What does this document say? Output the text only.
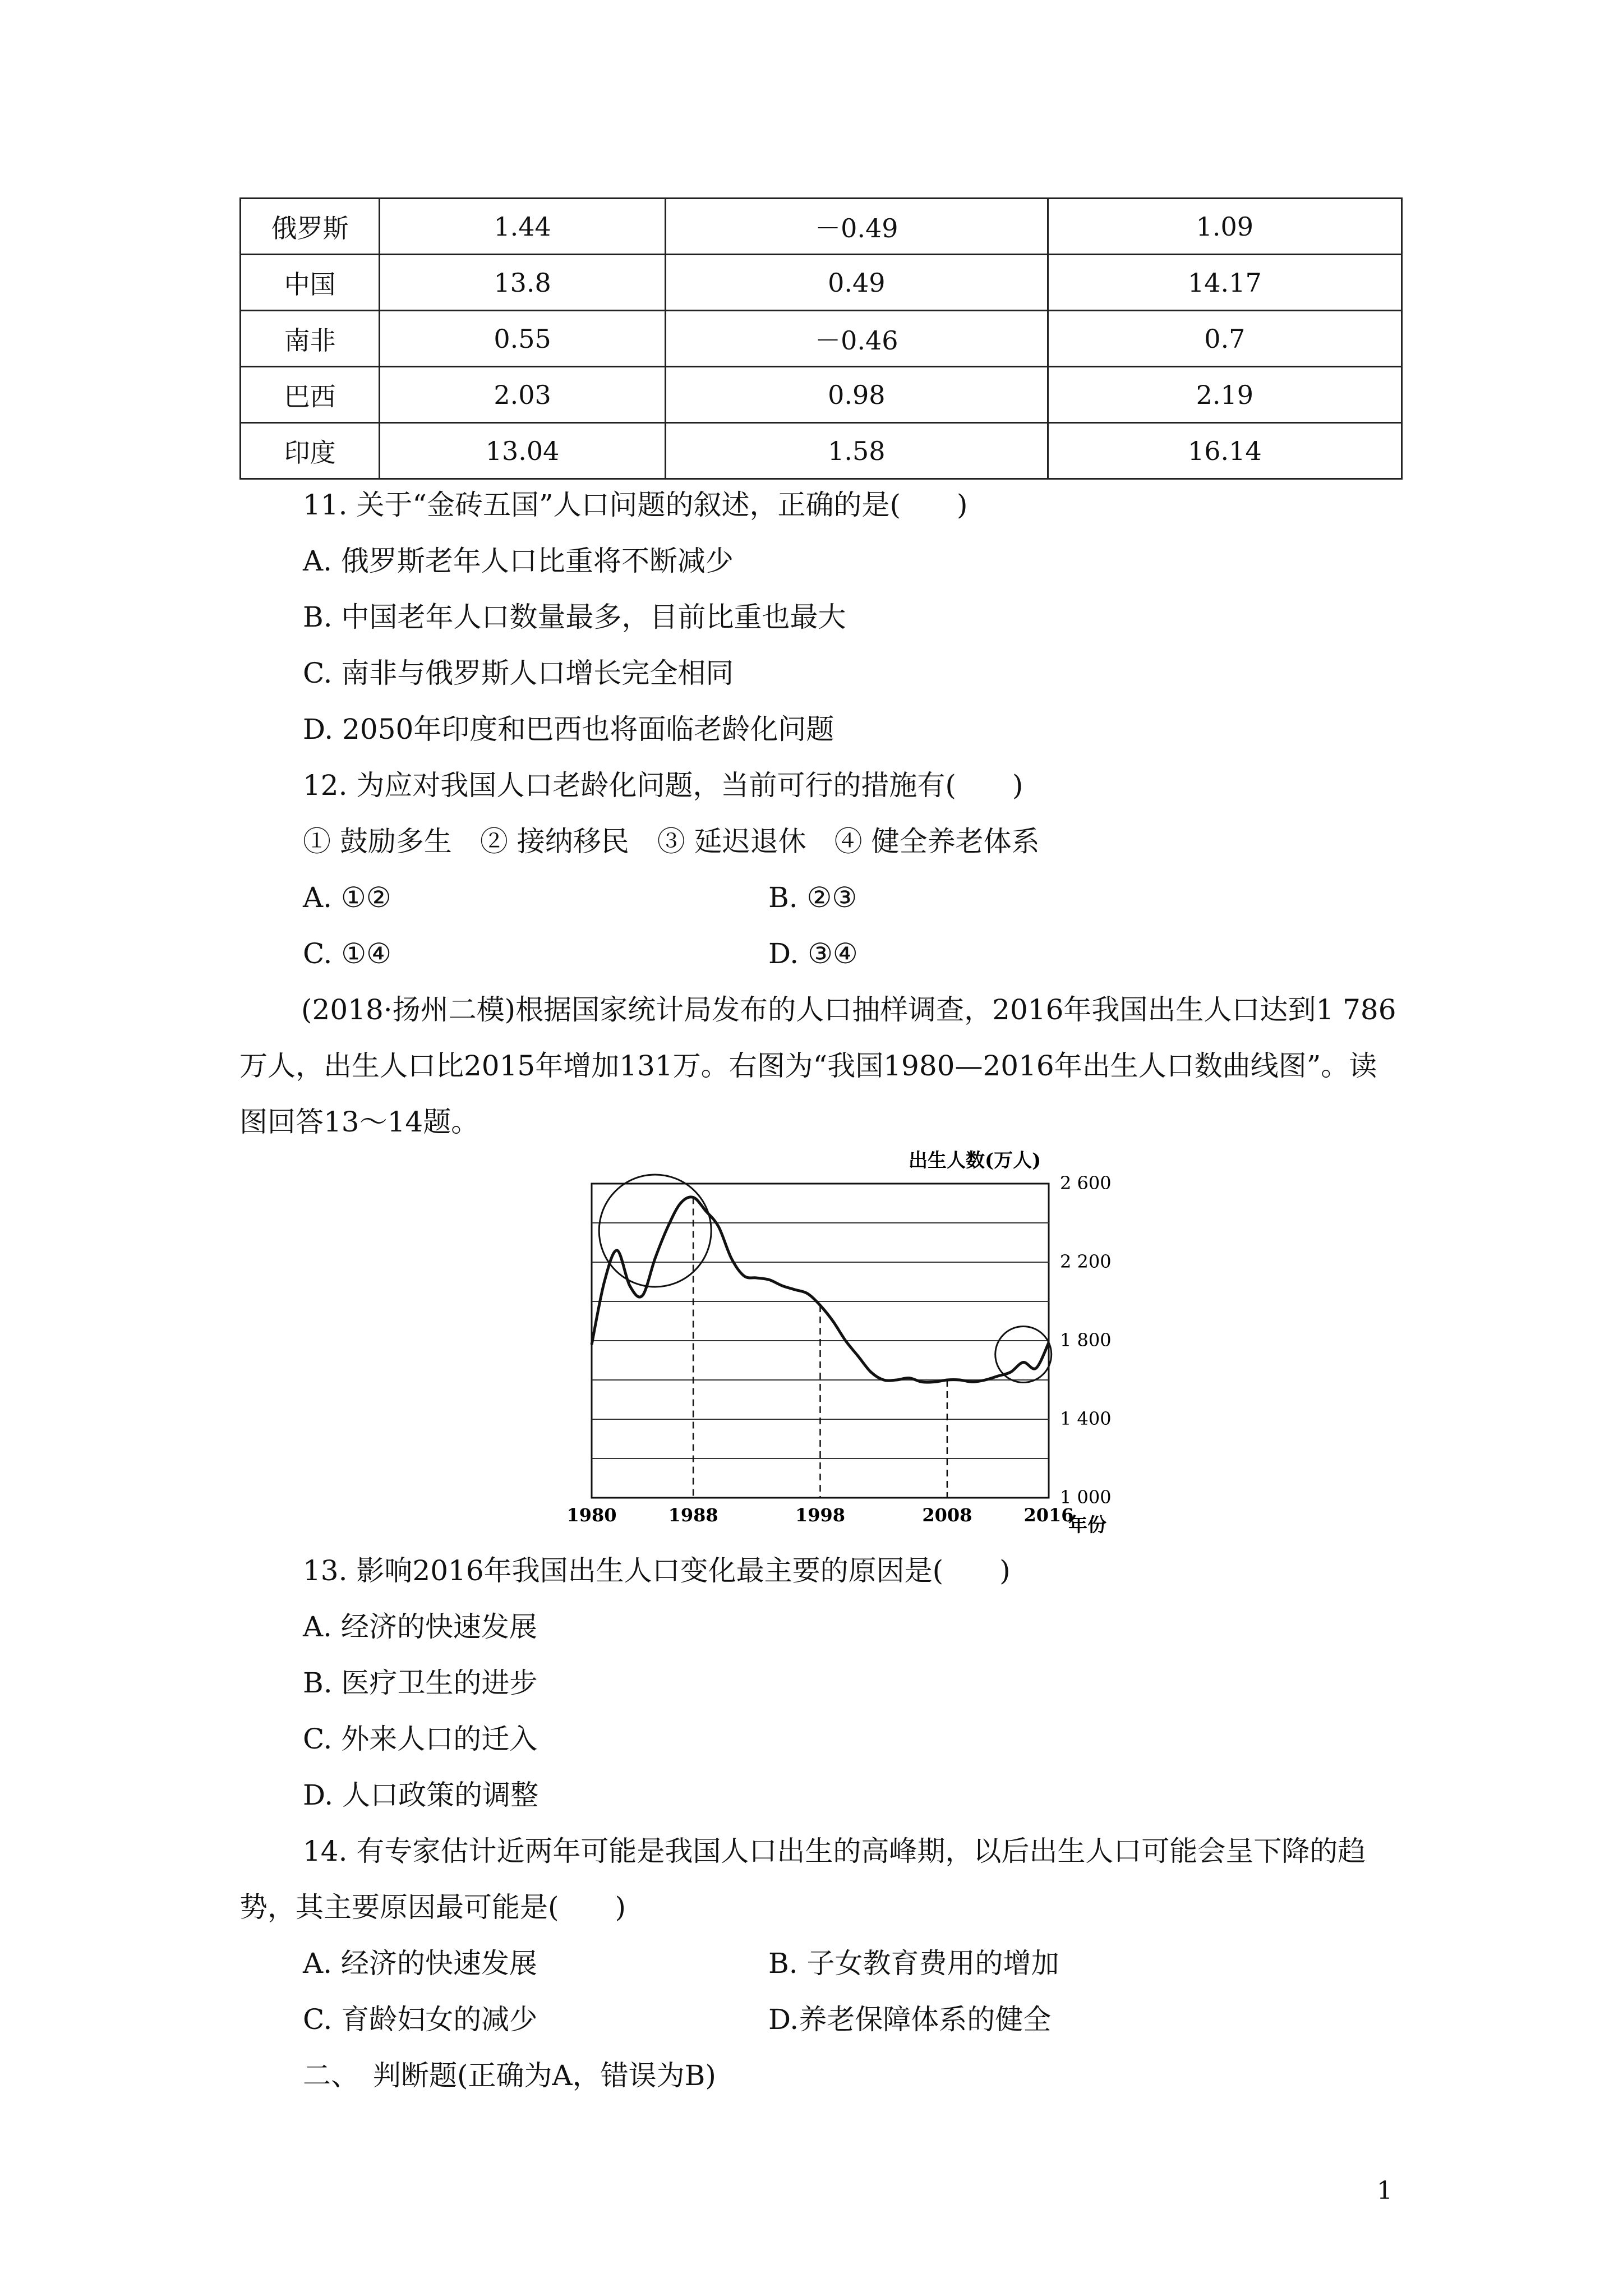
俄罗斯	1.44	－0.49	1.09
中国	13.8	0.49	14.17
南非	0.55	－0.46	0.7
巴西	2.03	0.98	2.19
印度	13.04	1.58	16.14
11. 关于“金砖五国”人口问题的叙述，正确的是(　　)
A. 俄罗斯老年人口比重将不断减少
B. 中国老年人口数量最多，目前比重也最大
C. 南非与俄罗斯人口增长完全相同
D. 2050年印度和巴西也将面临老龄化问题
12. 为应对我国人口老龄化问题，当前可行的措施有(　　)
① 鼓励多生　② 接纳移民　③ 延迟退休　④ 健全养老体系
A. ①②	B. ②③
C. ①④	D. ③④
(2018·扬州二模)根据国家统计局发布的人口抽样调查，2016年我国出生人口达到1 786万人，出生人口比2015年增加131万。右图为“我国1980—2016年出生人口数曲线图”。读图回答13～14题。
1980	1988	1998	2008	2016
2 600
2 200
1 800
1 400
1 000
出生人数(万人)
年份
13. 影响2016年我国出生人口变化最主要的原因是(　　)
A. 经济的快速发展
B. 医疗卫生的进步
C. 外来人口的迁入
D. 人口政策的调整
14. 有专家估计近两年可能是我国人口出生的高峰期，以后出生人口可能会呈下降的趋
势，其主要原因最可能是(　　)
A. 经济的快速发展	B. 子女教育费用的增加
C. 育龄妇女的减少	D.养老保障体系的健全
二、　判断题(正确为A，错误为B)
1
